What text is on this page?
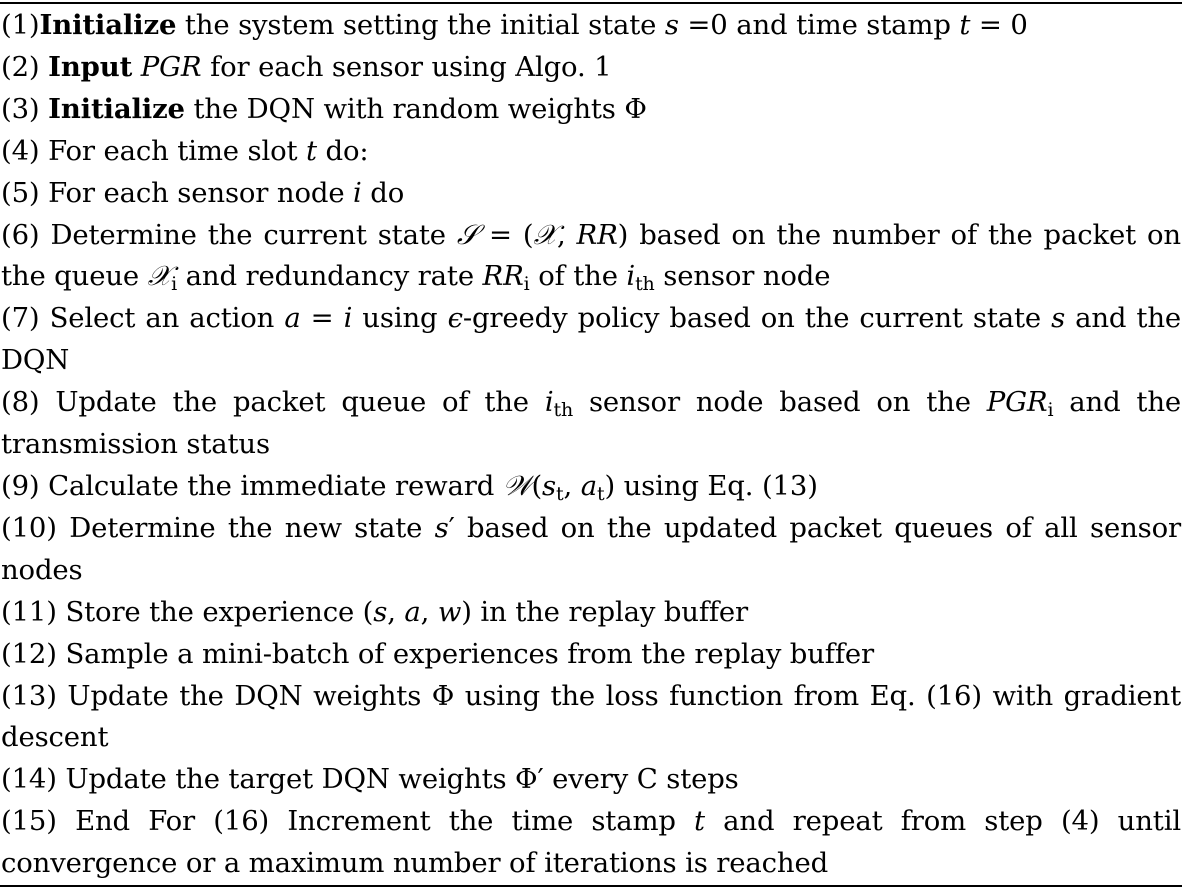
(1)Initialize the system setting the initial state s =0 and time stamp t = 0
(2) Input PGR for each sensor using Algo. 1
(3) Initialize the DQN with random weights Φ
(4) For each time slot t do:
(5) For each sensor node i do
(6) Determine the current state 𝒮 = (𝒳, RR) based on the number of the packet on the queue 𝒳$_i$ and redundancy rate $RR_i$ of the $i_{th}$ sensor node
(7) Select an action a = i using ϵ-greedy policy based on the current state s and the DQN
(8) Update the packet queue of the $i_{th}$ sensor node based on the $PGR_i$ and the transmission status
(9) Calculate the immediate reward $𝒲(s_t$, $a_t$) using Eq. (13)
(10) Determine the new state s′ based on the updated packet queues of all sensor nodes
(11) Store the experience (s, a, w) in the replay buffer
(12) Sample a mini-batch of experiences from the replay buffer
(13) Update the DQN weights Φ using the loss function from Eq. (16) with gradient descent
(14) Update the target DQN weights Φ′ every C steps
(15) End For (16) Increment the time stamp t and repeat from step (4) until convergence or a maximum number of iterations is reached
